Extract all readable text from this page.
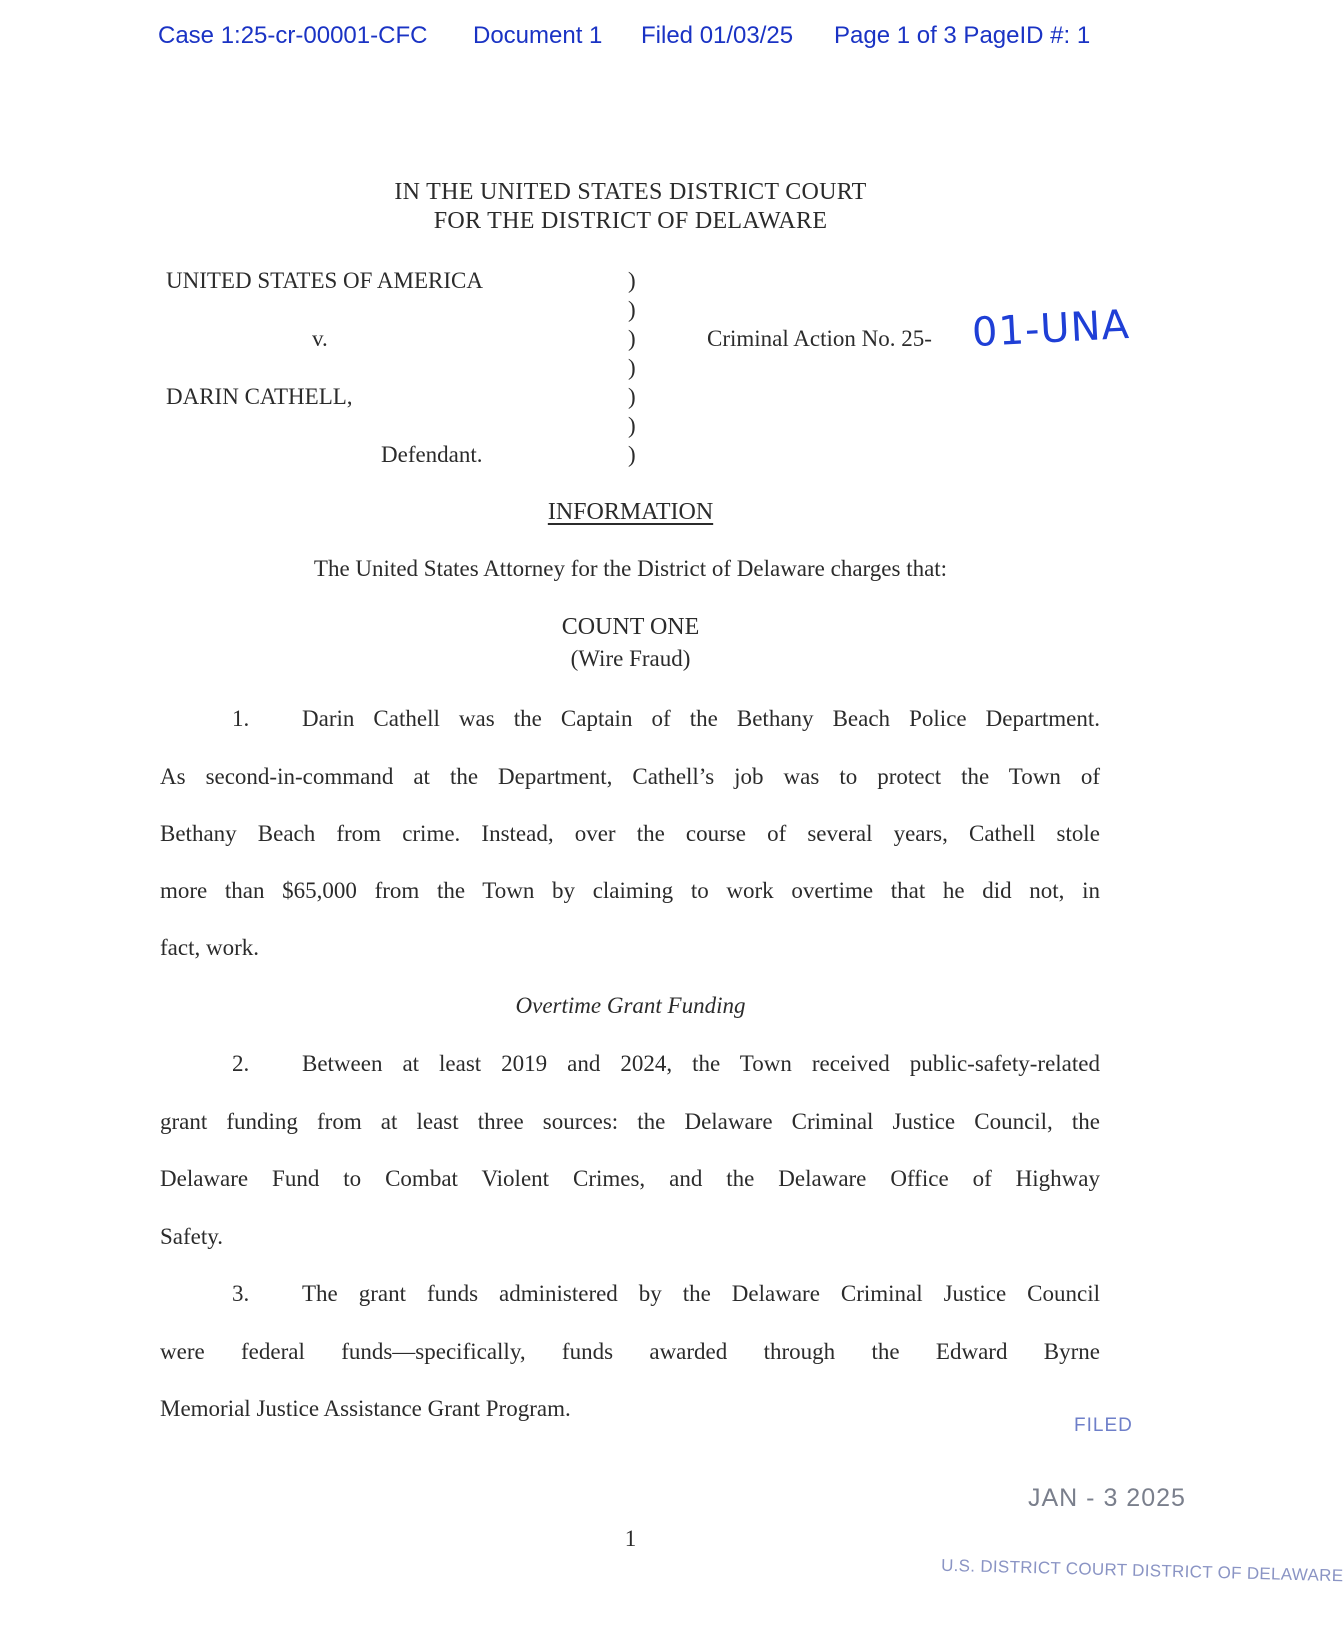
Case 1:25-cr-00001-CFC Document 1 Filed 01/03/25 Page 1 of 3 PageID #: 1
IN THE UNITED STATES DISTRICT COURT
FOR THE DISTRICT OF DELAWARE
UNITED STATES OF AMERICA
v.
DARIN CATHELL,
Defendant.
)
)
)
)
)
)
)
Criminal Action No. 25- 01-UNA
INFORMATION
The United States Attorney for the District of Delaware charges that:
COUNT ONE
(Wire Fraud)
1. Darin Cathell was the Captain of the Bethany Beach Police Department.
As second-in-command at the Department, Cathell’s job was to protect the Town of
Bethany Beach from crime. Instead, over the course of several years, Cathell stole
more than $65,000 from the Town by claiming to work overtime that he did not, in
fact, work.
Overtime Grant Funding
2. Between at least 2019 and 2024, the Town received public-safety-related
grant funding from at least three sources: the Delaware Criminal Justice Council, the
Delaware Fund to Combat Violent Crimes, and the Delaware Office of Highway
Safety.
3. The grant funds administered by the Delaware Criminal Justice Council
were federal funds—specifically, funds awarded through the Edward Byrne
Memorial Justice Assistance Grant Program.
FILED
JAN - 3 2025
U.S. DISTRICT COURT DISTRICT OF DELAWARE
1
